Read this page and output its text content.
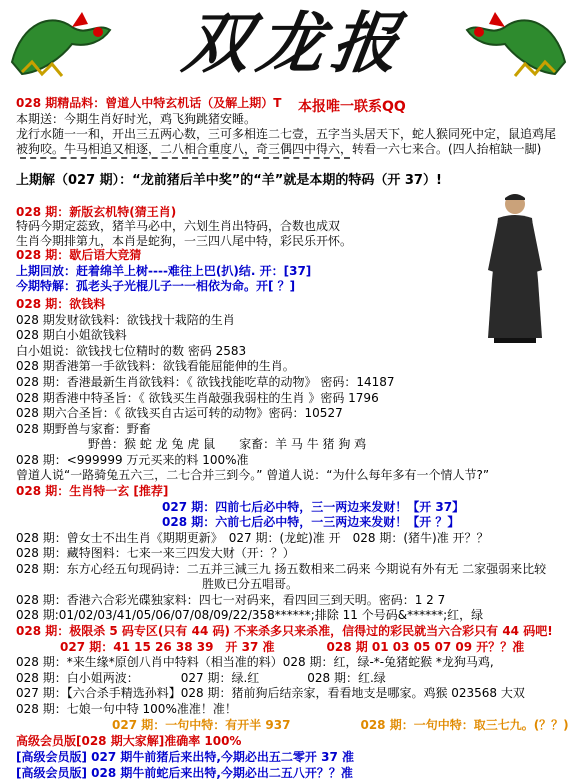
双龙报
本报唯一联系QQ
028 期精品料：曾道人中特玄机话（及解上期）T
本期送：今期生肖好时光，鸡飞狗跳猪安睡。
龙行水随一一和，开出三五两心数，三可多相连二七壹，五字当头居天下，蛇人猴同死中定，鼠追鸡尾
被狗咬。牛马相追又相逐，二八相合重度八，奇三偶四中得六，转看一六七来合。(四人抬棺缺一脚)
上期解（027 期）：“龙前猪后羊中奖”的“羊”就是本期的特码（开 37）!
028 期：新版玄机特(猜王肖)
特码今期定蕊致，猪羊马必中，六划生肖出特码，合数也成双
生肖今期排第九，本肖是蛇狗，一三四八尾中特，彩民乐开怀。
028 期：歇后语大竞猜
上期回放：赶着绵羊上树----难往上巴(扒)结. 开：[37]
今期特解：孤老头子光棍儿子一一相依为命。开[ ？]
028 期：欲钱料
028 期发财欲钱料：欲钱找十栽陪的生肖
028 期白小姐欲钱料
白小姐说：欲钱找七位精时的数 密码 2583
028 期香港第一手欲钱料：欲钱看能屈能伸的生肖。
028 期：香港最新生肖欲钱料：《 欲钱找能吃草的动物》 密码：14187
028 期香港中特圣旨：《 欲钱买生肖敲强我弱柱的生肖 》密码 1796
028 期六合圣旨：《 欲钱买自古运可转的动物》密码：10527
028 期野兽与家畜：野畜
野兽：猴 蛇 龙 兔 虎 鼠　　家畜：羊 马 牛 猪 狗 鸡
028 期：<999999 万元买来的料 100%准
曾道人说“一路骑兔五六三，二七合并三到今。” 曾道人说：“为什么每年多有一个情人节?”
028 期：生肖特一玄 [推荐]
027 期：四前七后必中特，三一两边来发财！【开 37】
028 期：六前七后必中特，一三两边来发财！【开 ？】
028 期：曾女士不出生肖《期期更新》　027 期：(龙蛇)准 开　028 期：(猪牛)准 开？？
028 期：藏特图料：七来一来三四发大财（开：？）
028 期：东方心经五句现码诗：二五并三減三九 扬五数相来二码来 今期说有外有无 二家强弱来比较
胜败已分五唱哥。
028 期：香港六合彩光碟独家料：四七一对码来，看四回三到天明。密码：1 2 7
028 期:01/02/03/41/05/06/07/08/09/22/358******;排除 11 个号码&******;红，绿
028 期：极限杀 5 码专区(只有 44 码) 不来杀多只来杀准，信得过的彩民就当六合彩只有 44 码吧!
027 期：41 15 26 38 39　开 37 准	028 期 01 03 05 07 09 开？？准
028 期：*来生缘*原创八肖中特料（相当准的料）028 期：红，绿-*-兔猪蛇猴 *龙狗马鸡,
028 期：白小姐两波：　　　　027 期：绿.红　　　　028 期：红.绿
027 期：【六合杀手精选孙料】028 期：猪前狗后结亲家，看看地支是哪家。鸡猴 023568 大双
028 期：七娘一句中特 100%准准！准！
027 期：一句中特：有开半 937	028 期：一句中特：取三七九。(？？)
高级会员版[028 期大家解]准确率 100%
[高级会员版] 027 期牛前猪后来出特,今期必出五二零开 37 准
[高级会员版] 028 期牛前蛇后来出特,今期必出二五八开？？准
